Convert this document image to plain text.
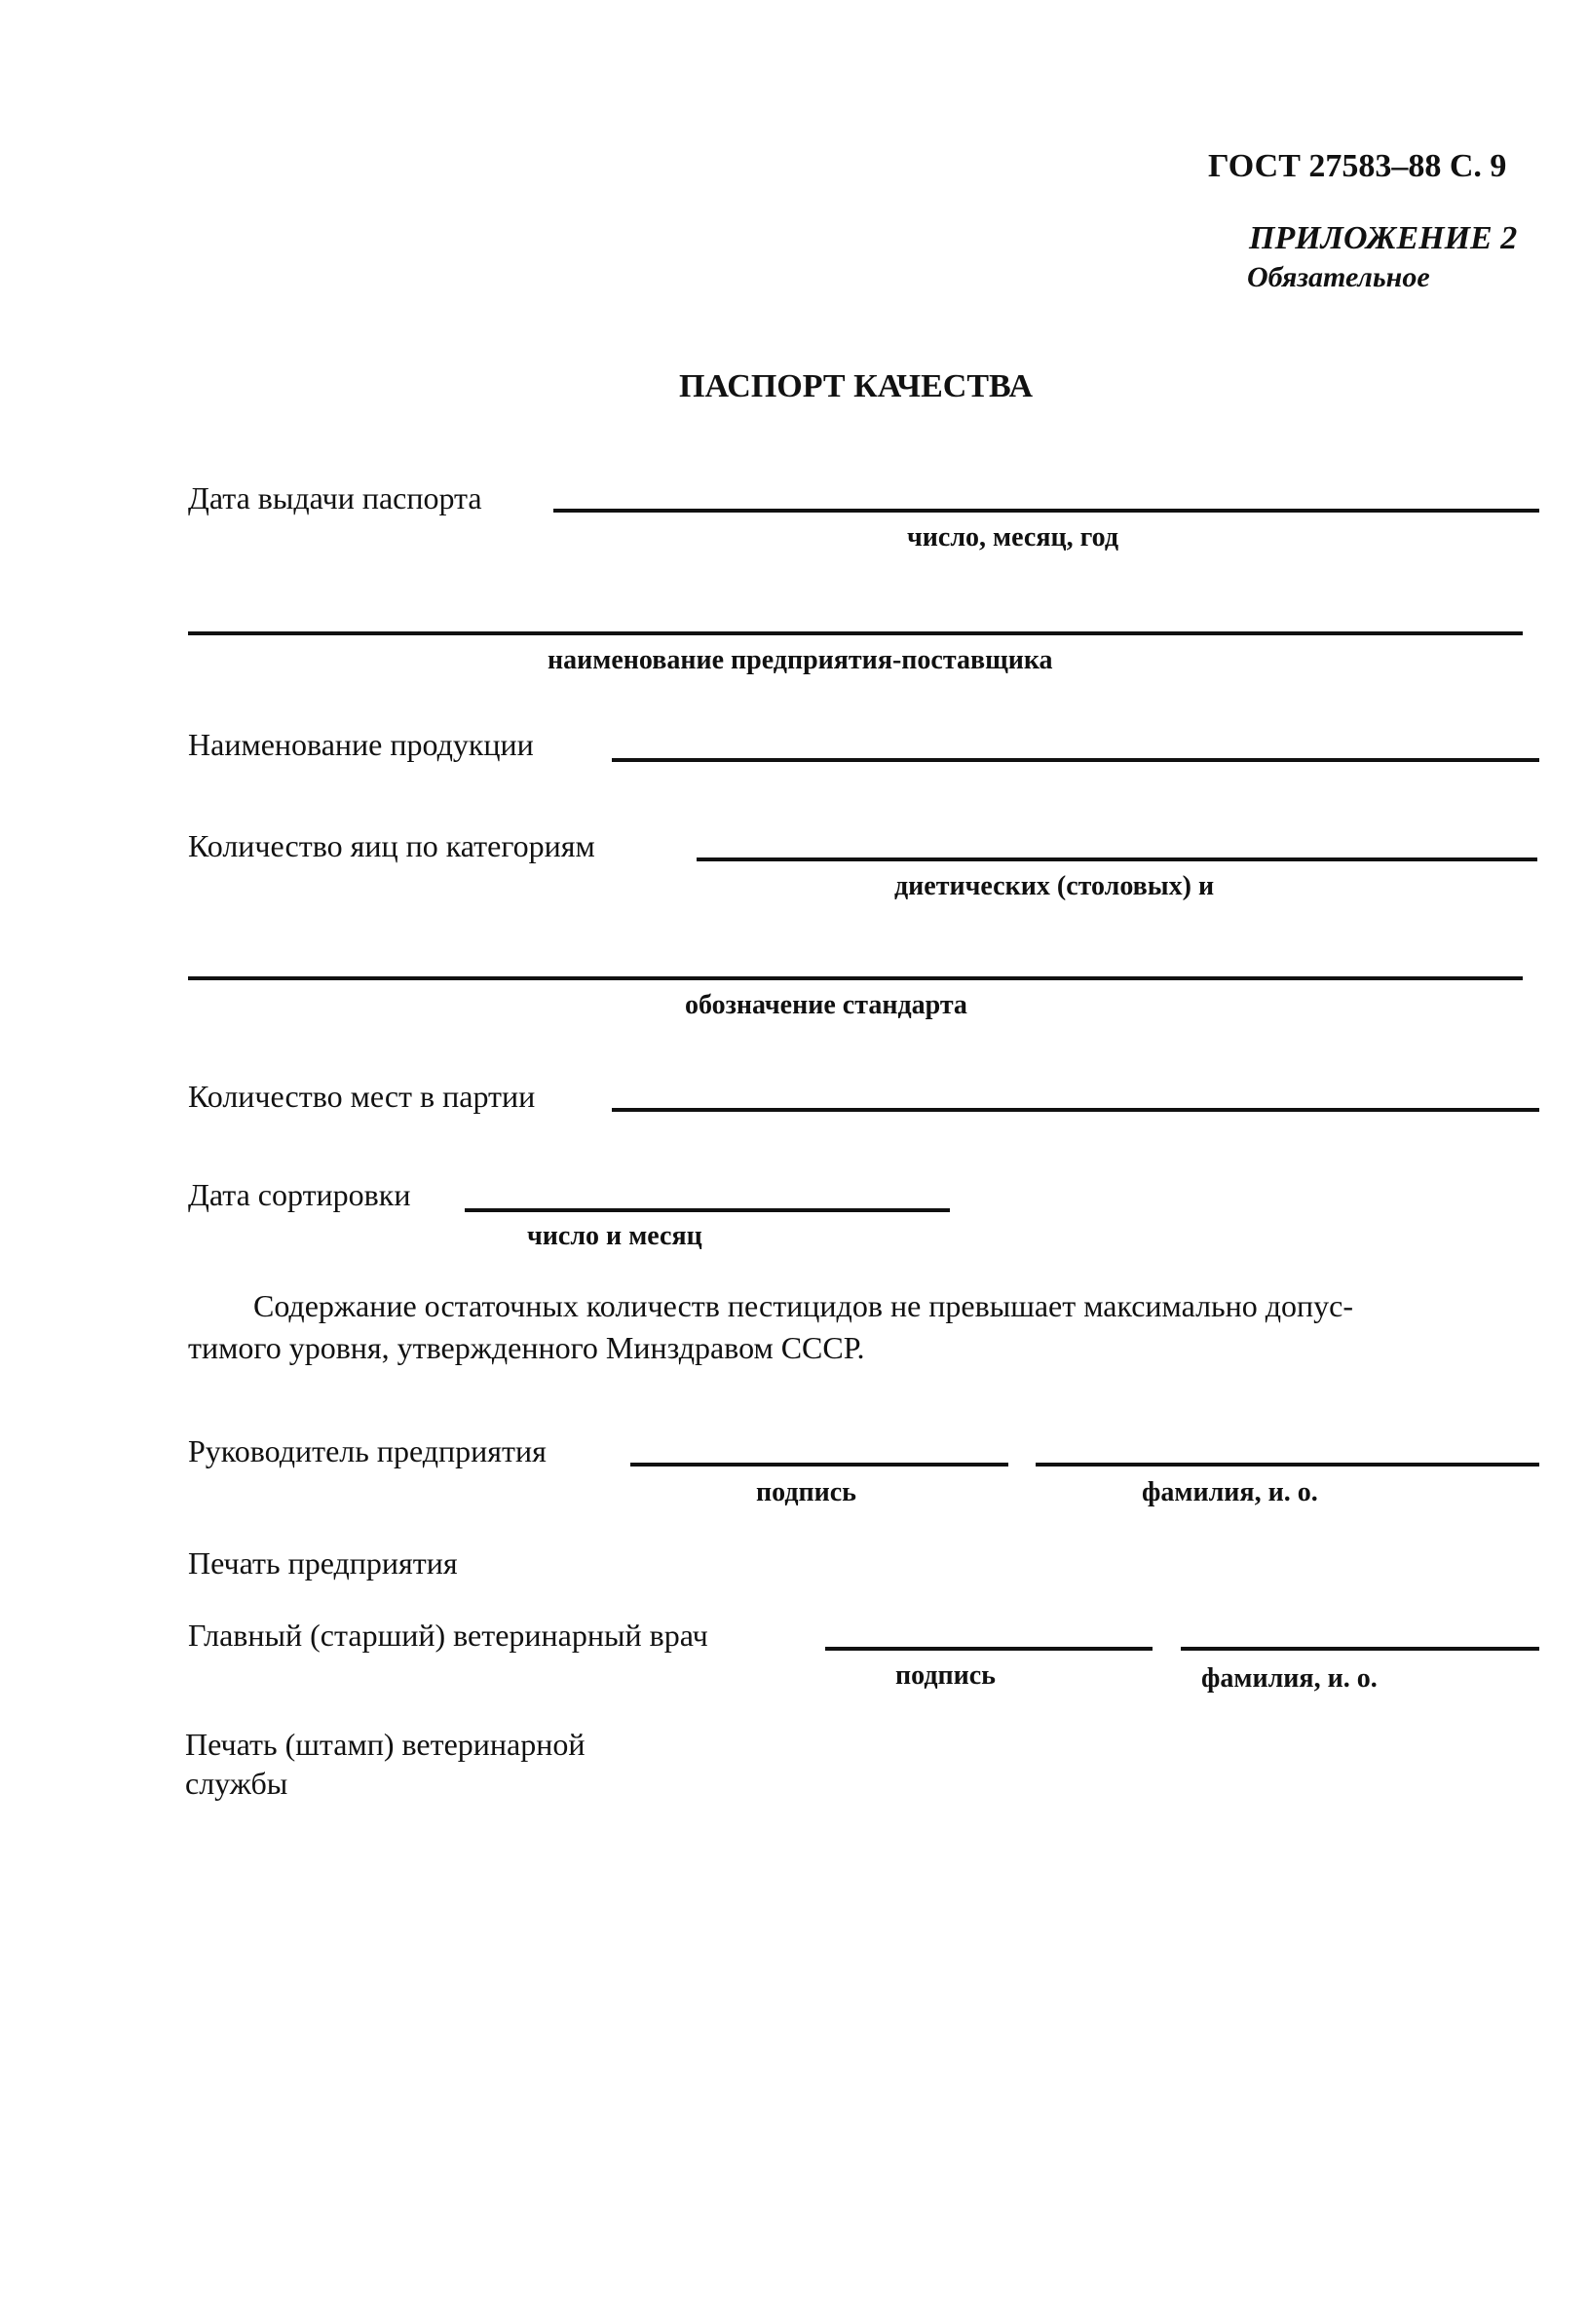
ГОСТ 27583–88 С. 9
ПРИЛОЖЕНИЕ 2
Обязательное
ПАСПОРТ КАЧЕСТВА
Дата выдачи паспорта
число, месяц, год
наименование предприятия-поставщика
Наименование продукции
Количество яиц по категориям
диетических (столовых) и
обозначение стандарта
Количество мест в партии
Дата сортировки
число и месяц
Содержание остаточных количеств пестицидов не превышает максимально допус-
тимого уровня, утвержденного Минздравом СССР.
Руководитель предприятия
подпись	фамилия, и. о.
Печать предприятия
Главный (старший) ветеринарный врач
подпись	фамилия, и. о.
Печать (штамп) ветеринарной
службы
